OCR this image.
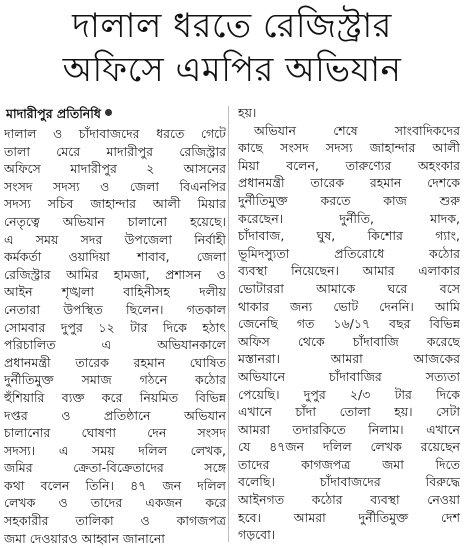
দালাল ধরতে রেজিস্ট্রার
অফিসে এমপির অভিযান
মাদারীপুর প্রতিনিধি
দালাল ও চাঁদাবাজদের ধরতে গেটে
তালা মেরে মাদারীপুর রেজিস্ট্রার
অফিসে মাদারীপুর ২ আসনের
সংসদ সদস্য ও জেলা বিএনপির
সদস্য সচিব জাহান্দার আলী মিয়ার
নেতৃত্বে অভিযান চালানো হয়েছে।
এ সময় সদর উপজেলা নির্বাহী
কর্মকর্তা ওয়াদিয়া শাবাব, জেলা
রেজিস্ট্রার আমির হামজা, প্রশাসন ও
আইন শৃঙ্খলা বাহিনীসহ দলীয়
নেতারা উপস্থিত ছিলেন। গতকাল
সোমবার দুপুর ১২ টার দিকে হঠাৎ
পরিচালিত এ অভিযানকালে
প্রধানমন্ত্রী তারেক রহমান ঘোষিত
দুর্নীতিমুক্ত সমাজ গঠনে কঠোর
হুঁশিয়ারি ব্যক্ত করে নিয়মিত বিভিন্ন
দপ্তর ও প্রতিষ্ঠানে অভিযান
চালানোর ঘোষণা দেন সংসদ
সদস্য। এ সময় দলিল লেখক,
জমির ক্রেতা-বিক্রেতাদের সঙ্গে
কথা বলেন তিনি। ৪৭ জন দলিল
লেখক ও তাদের একজন করে
সহকারীর তালিকা ও কাগজপত্র
জমা দেওয়ারও আহ্বান জানানো
হয়।
অভিযান শেষে সাংবাদিকদের
কাছে সংসদ সদস্য জাহান্দার আলী
মিয়া বলেন, তারুণ্যের অহংকার
প্রধানমন্ত্রী তারেক রহমান দেশকে
দুর্নীতিমুক্ত করতে কাজ শুরু
করেছেন। দুর্নীতি, মাদক,
চাঁদাবাজ, ঘুষ, কিশোর গ্যাং,
ভূমিদস্যুতা প্রতিরোধে কঠোর
ব্যবস্থা নিয়েছেন। আমার এলাকার
ভোটাররা আমাকে ঘরে বসে
থাকার জন্য ভোট দেননি। আমি
জেনেছি গত ১৬/১৭ বছর বিভিন্ন
অফিস থেকে চাঁদাবাজি করেছে
মস্তানরা। আমরা আজকের
অভিযানে চাঁদাবাজির সত্যতা
পেয়েছি। দুপুর ২/৩ টার দিকে
এখানে চাঁদা তোলা হয়। সেটা
আমরা তদারকিতে নিলাম। এখানে
যে ৪৭জন দলিল লেখক রয়েছেন
তাদের কাগজপত্র জমা দিতে
বলেছি। চাঁদাবাজদের বিরুদ্ধে
আইনগত কঠোর ব্যবস্থা নেওয়া
হবে। আমরা দুর্নীতিমুক্ত দেশ
গড়বো।
